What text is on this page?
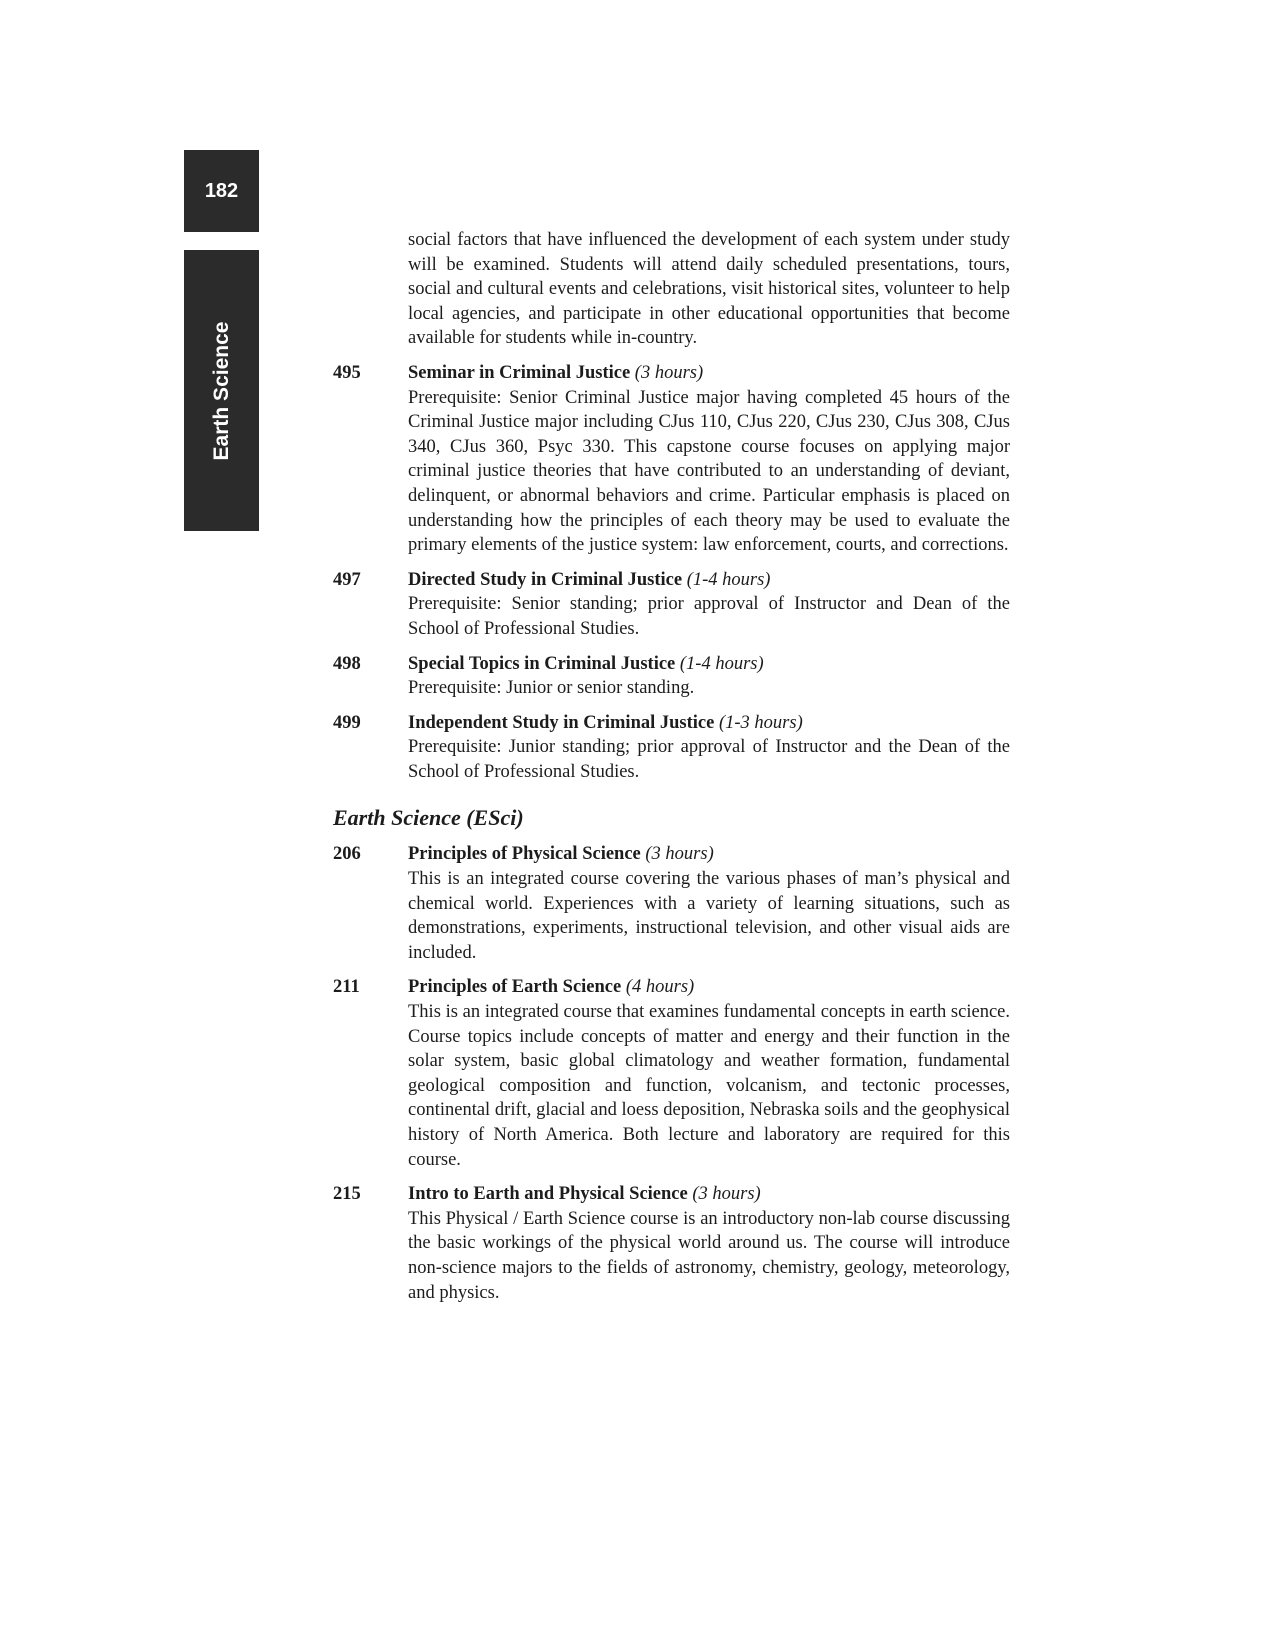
182
Earth Science
social factors that have influenced the development of each system under study will be examined. Students will attend daily scheduled presentations, tours, social and cultural events and celebrations, visit historical sites, volunteer to help local agencies, and participate in other educational opportunities that become available for students while in-country.
495	Seminar in Criminal Justice (3 hours)
Prerequisite: Senior Criminal Justice major having completed 45 hours of the Criminal Justice major including CJus 110, CJus 220, CJus 230, CJus 308, CJus 340, CJus 360, Psyc 330. This capstone course focuses on applying major criminal justice theories that have contributed to an understanding of deviant, delinquent, or abnormal behaviors and crime. Particular emphasis is placed on understanding how the principles of each theory may be used to evaluate the primary elements of the justice system: law enforcement, courts, and corrections.
497	Directed Study in Criminal Justice (1-4 hours)
Prerequisite: Senior standing; prior approval of Instructor and Dean of the School of Professional Studies.
498	Special Topics in Criminal Justice (1-4 hours)
Prerequisite: Junior or senior standing.
499	Independent Study in Criminal Justice (1-3 hours)
Prerequisite: Junior standing; prior approval of Instructor and the Dean of the School of Professional Studies.
Earth Science (ESci)
206	Principles of Physical Science (3 hours)
This is an integrated course covering the various phases of man’s physical and chemical world. Experiences with a variety of learning situations, such as demonstrations, experiments, instructional television, and other visual aids are included.
211	Principles of Earth Science (4 hours)
This is an integrated course that examines fundamental concepts in earth science. Course topics include concepts of matter and energy and their function in the solar system, basic global climatology and weather formation, fundamental geological composition and function, volcanism, and tectonic processes, continental drift, glacial and loess deposition, Nebraska soils and the geophysical history of North America. Both lecture and laboratory are required for this course.
215	Intro to Earth and Physical Science (3 hours)
This Physical / Earth Science course is an introductory non-lab course discussing the basic workings of the physical world around us. The course will introduce non-science majors to the fields of astronomy, chemistry, geology, meteorology, and physics.
